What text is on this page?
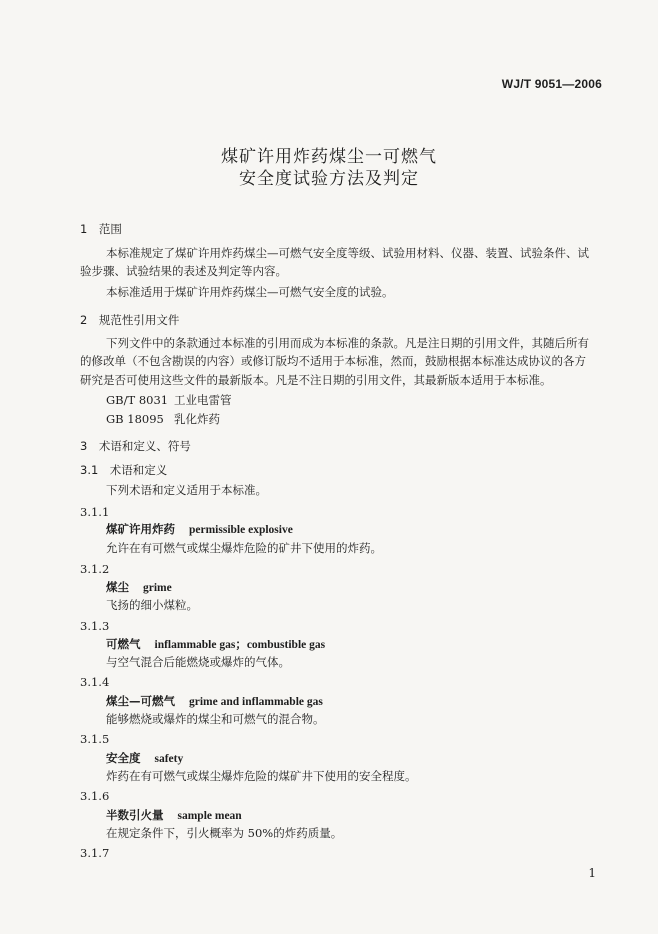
WJ/T 9051—2006
煤矿许用炸药煤尘一可燃气
安全度试验方法及判定
1　范围
本标准规定了煤矿许用炸药煤尘—可燃气安全度等级、试验用材料、仪器、装置、试验条件、试
验步骤、试验结果的表述及判定等内容。
本标准适用于煤矿许用炸药煤尘—可燃气安全度的试验。
2　规范性引用文件
下列文件中的条款通过本标准的引用而成为本标准的条款。凡是注日期的引用文件，其随后所有
的修改单（不包含勘误的内容）或修订版均不适用于本标准，然而，鼓励根据本标准达成协议的各方
研究是否可使用这些文件的最新版本。凡是不注日期的引用文件，其最新版本适用于本标准。
GB/T 8031 工业电雷管
GB 18095 乳化炸药
3　术语和定义、符号
3.1　术语和定义
下列术语和定义适用于本标准。
3.1.1
煤矿许用炸药 permissible explosive
允许在有可燃气或煤尘爆炸危险的矿井下使用的炸药。
3.1.2
煤尘 grime
飞扬的细小煤粒。
3.1.3
可燃气 inflammable gas；combustible gas
与空气混合后能燃烧或爆炸的气体。
3.1.4
煤尘—可燃气 grime and inflammable gas
能够燃烧或爆炸的煤尘和可燃气的混合物。
3.1.5
安全度 safety
炸药在有可燃气或煤尘爆炸危险的煤矿井下使用的安全程度。
3.1.6
半数引火量 sample mean
在规定条件下，引火概率为 50%的炸药质量。
3.1.7
1
